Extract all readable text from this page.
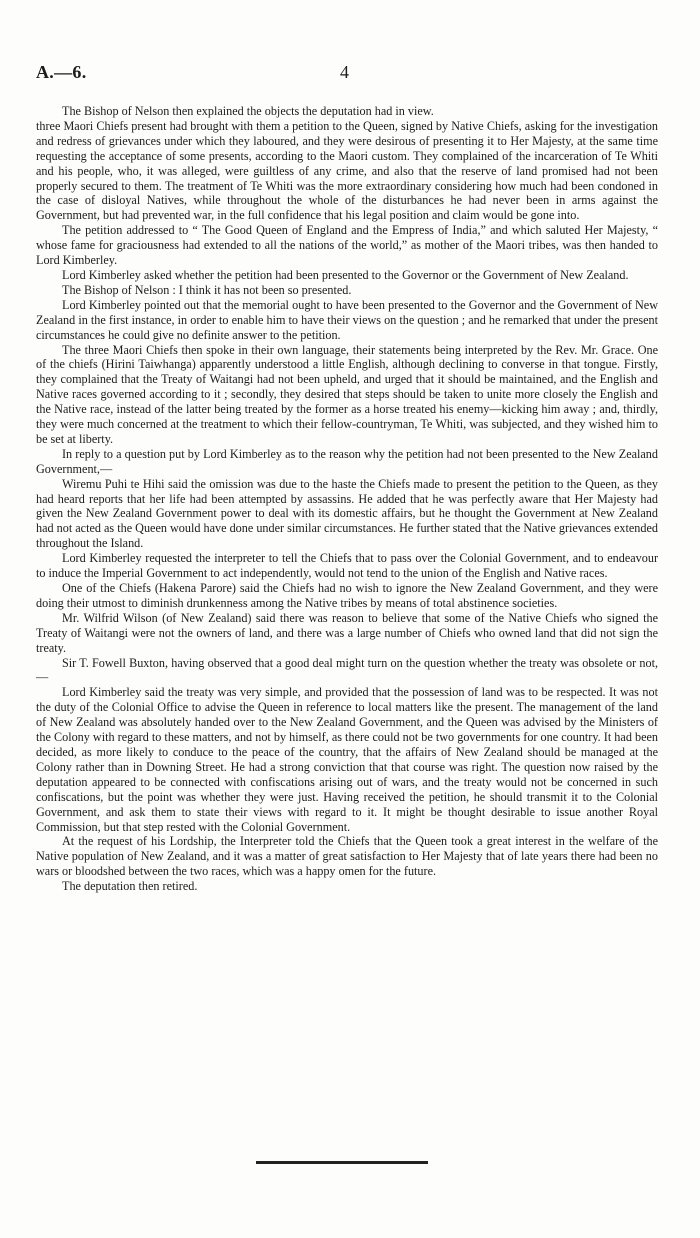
A.—6.	4

The Bishop of Nelson then explained the objects the deputation had in view.

three Maori Chiefs present had brought with them a petition to the Queen, signed by Native Chiefs, asking for the investigation and redress of grievances under which they laboured, and they were desirous of presenting it to Her Majesty, at the same time requesting the acceptance of some presents, according to the Maori custom. They complained of the incarceration of Te Whiti and his people, who, it was alleged, were guiltless of any crime, and also that the reserve of land promised had not been properly secured to them. The treatment of Te Whiti was the more extraordinary considering how much had been condoned in the case of disloyal Natives, while throughout the whole of the disturbances he had never been in arms against the Government, but had prevented war, in the full confidence that his legal position and claim would be gone into.

The petition addressed to “ The Good Queen of England and the Empress of India,” and which saluted Her Majesty, “ whose fame for graciousness had extended to all the nations of the world,” as mother of the Maori tribes, was then handed to Lord Kimberley.

Lord Kimberley asked whether the petition had been presented to the Governor or the Government of New Zealand.

The Bishop of Nelson : I think it has not been so presented.

Lord Kimberley pointed out that the memorial ought to have been presented to the Governor and the Government of New Zealand in the first instance, in order to enable him to have their views on the question ; and he remarked that under the present circumstances he could give no definite answer to the petition.

The three Maori Chiefs then spoke in their own language, their statements being interpreted by the Rev. Mr. Grace. One of the chiefs (Hirini Taiwhanga) apparently understood a little English, although declining to converse in that tongue. Firstly, they complained that the Treaty of Waitangi had not been upheld, and urged that it should be maintained, and the English and Native races governed according to it ; secondly, they desired that steps should be taken to unite more closely the English and the Native race, instead of the latter being treated by the former as a horse treated his enemy—kicking him away ; and, thirdly, they were much concerned at the treatment to which their fellow-countryman, Te Whiti, was subjected, and they wished him to be set at liberty.

In reply to a question put by Lord Kimberley as to the reason why the petition had not been presented to the New Zealand Government,—

Wiremu Puhi te Hihi said the omission was due to the haste the Chiefs made to present the petition to the Queen, as they had heard reports that her life had been attempted by assassins. He added that he was perfectly aware that Her Majesty had given the New Zealand Government power to deal with its domestic affairs, but he thought the Government at New Zealand had not acted as the Queen would have done under similar circumstances. He further stated that the Native grievances extended throughout the Island.

Lord Kimberley requested the interpreter to tell the Chiefs that to pass over the Colonial Government, and to endeavour to induce the Imperial Government to act independently, would not tend to the union of the English and Native races.

One of the Chiefs (Hakena Parore) said the Chiefs had no wish to ignore the New Zealand Government, and they were doing their utmost to diminish drunkenness among the Native tribes by means of total abstinence societies.

Mr. Wilfrid Wilson (of New Zealand) said there was reason to believe that some of the Native Chiefs who signed the Treaty of Waitangi were not the owners of land, and there was a large number of Chiefs who owned land that did not sign the treaty.

Sir T. Fowell Buxton, having observed that a good deal might turn on the question whether the treaty was obsolete or not,—

Lord Kimberley said the treaty was very simple, and provided that the possession of land was to be respected. It was not the duty of the Colonial Office to advise the Queen in reference to local matters like the present. The management of the land of New Zealand was absolutely handed over to the New Zealand Government, and the Queen was advised by the Ministers of the Colony with regard to these matters, and not by himself, as there could not be two governments for one country. It had been decided, as more likely to conduce to the peace of the country, that the affairs of New Zealand should be managed at the Colony rather than in Downing Street. He had a strong conviction that that course was right. The question now raised by the deputation appeared to be connected with confiscations arising out of wars, and the treaty would not be concerned in such confiscations, but the point was whether they were just. Having received the petition, he should transmit it to the Colonial Government, and ask them to state their views with regard to it. It might be thought desirable to issue another Royal Commission, but that step rested with the Colonial Government.

At the request of his Lordship, the Interpreter told the Chiefs that the Queen took a great interest in the welfare of the Native population of New Zealand, and it was a matter of great satisfaction to Her Majesty that of late years there had been no wars or bloodshed between the two races, which was a happy omen for the future.

The deputation then retired.
